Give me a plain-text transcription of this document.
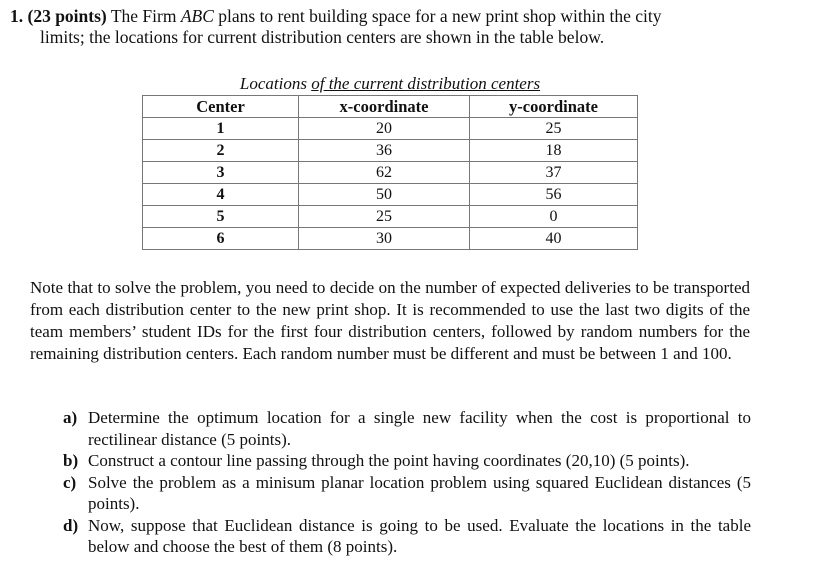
1. (23 points) The Firm ABC plans to rent building space for a new print shop within the city
limits; the locations for current distribution centers are shown in the table below.
Locations of the current distribution centers
Center	x-coordinate	y-coordinate
1	20	25
2	36	18
3	62	37
4	50	56
5	25	0
6	30	40
Note that to solve the problem, you need to decide on the number of expected deliveries to be transported from each distribution center to the new print shop. It is recommended to use the last two digits of the team members’ student IDs for the first four distribution centers, followed by random numbers for the remaining distribution centers. Each random number must be different and must be between 1 and 100.
a) Determine the optimum location for a single new facility when the cost is proportional to rectilinear distance (5 points).
b) Construct a contour line passing through the point having coordinates (20,10) (5 points).
c) Solve the problem as a minisum planar location problem using squared Euclidean distances (5 points).
d) Now, suppose that Euclidean distance is going to be used. Evaluate the locations in the table below and choose the best of them (8 points).
